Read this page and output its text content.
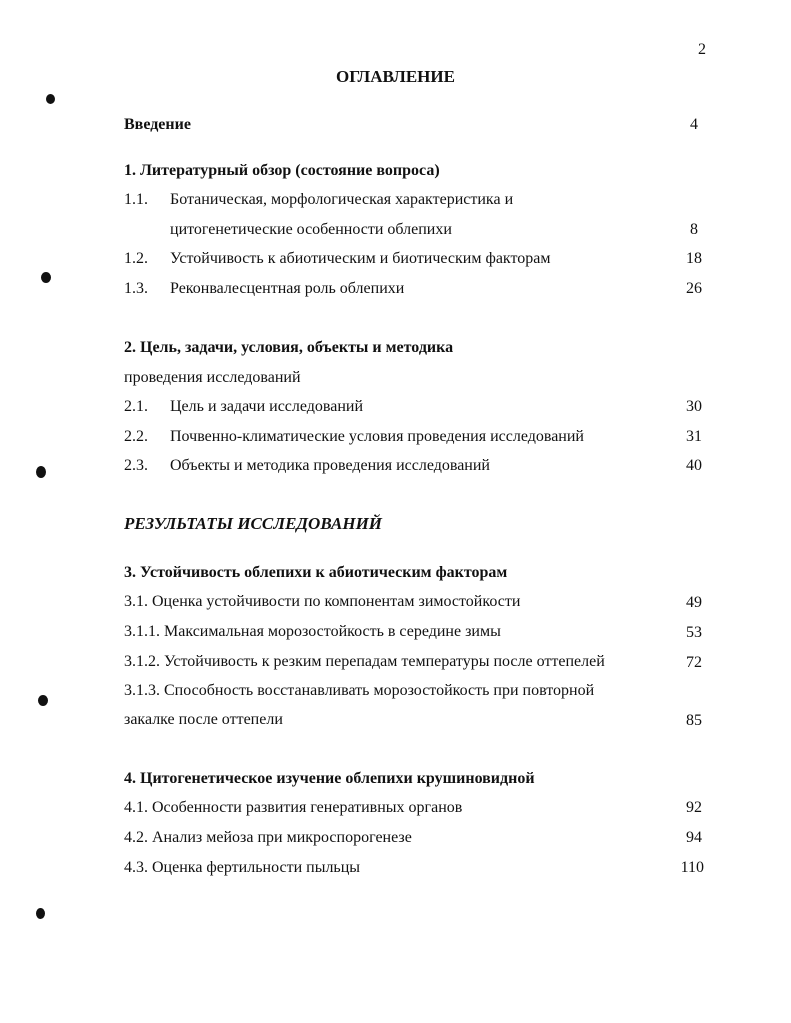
2
ОГЛАВЛЕНИЕ
Введение	4
1. Литературный обзор (состояние вопроса)
1.1. Ботаническая, морфологическая характеристика и
цитогенетические особенности облепихи	8
1.2. Устойчивость к абиотическим и биотическим факторам	18
1.3. Реконвалесцентная роль облепихи	26
2. Цель, задачи, условия, объекты и методика
проведения исследований
2.1. Цель и задачи исследований	30
2.2. Почвенно-климатические условия проведения исследований	31
2.3. Объекты и методика проведения исследований	40
РЕЗУЛЬТАТЫ ИССЛЕДОВАНИЙ
3. Устойчивость облепихи к абиотическим факторам
3.1. Оценка устойчивости по компонентам зимостойкости	49
3.1.1. Максимальная морозостойкость в середине зимы	53
3.1.2. Устойчивость к резким перепадам температуры после оттепелей	72
3.1.3. Способность восстанавливать морозостойкость при повторной
закалке после оттепели	85
4. Цитогенетическое изучение облепихи крушиновидной
4.1. Особенности развития генеративных органов	92
4.2. Анализ мейоза при микроспорогенезе	94
4.3. Оценка фертильности пыльцы	110
